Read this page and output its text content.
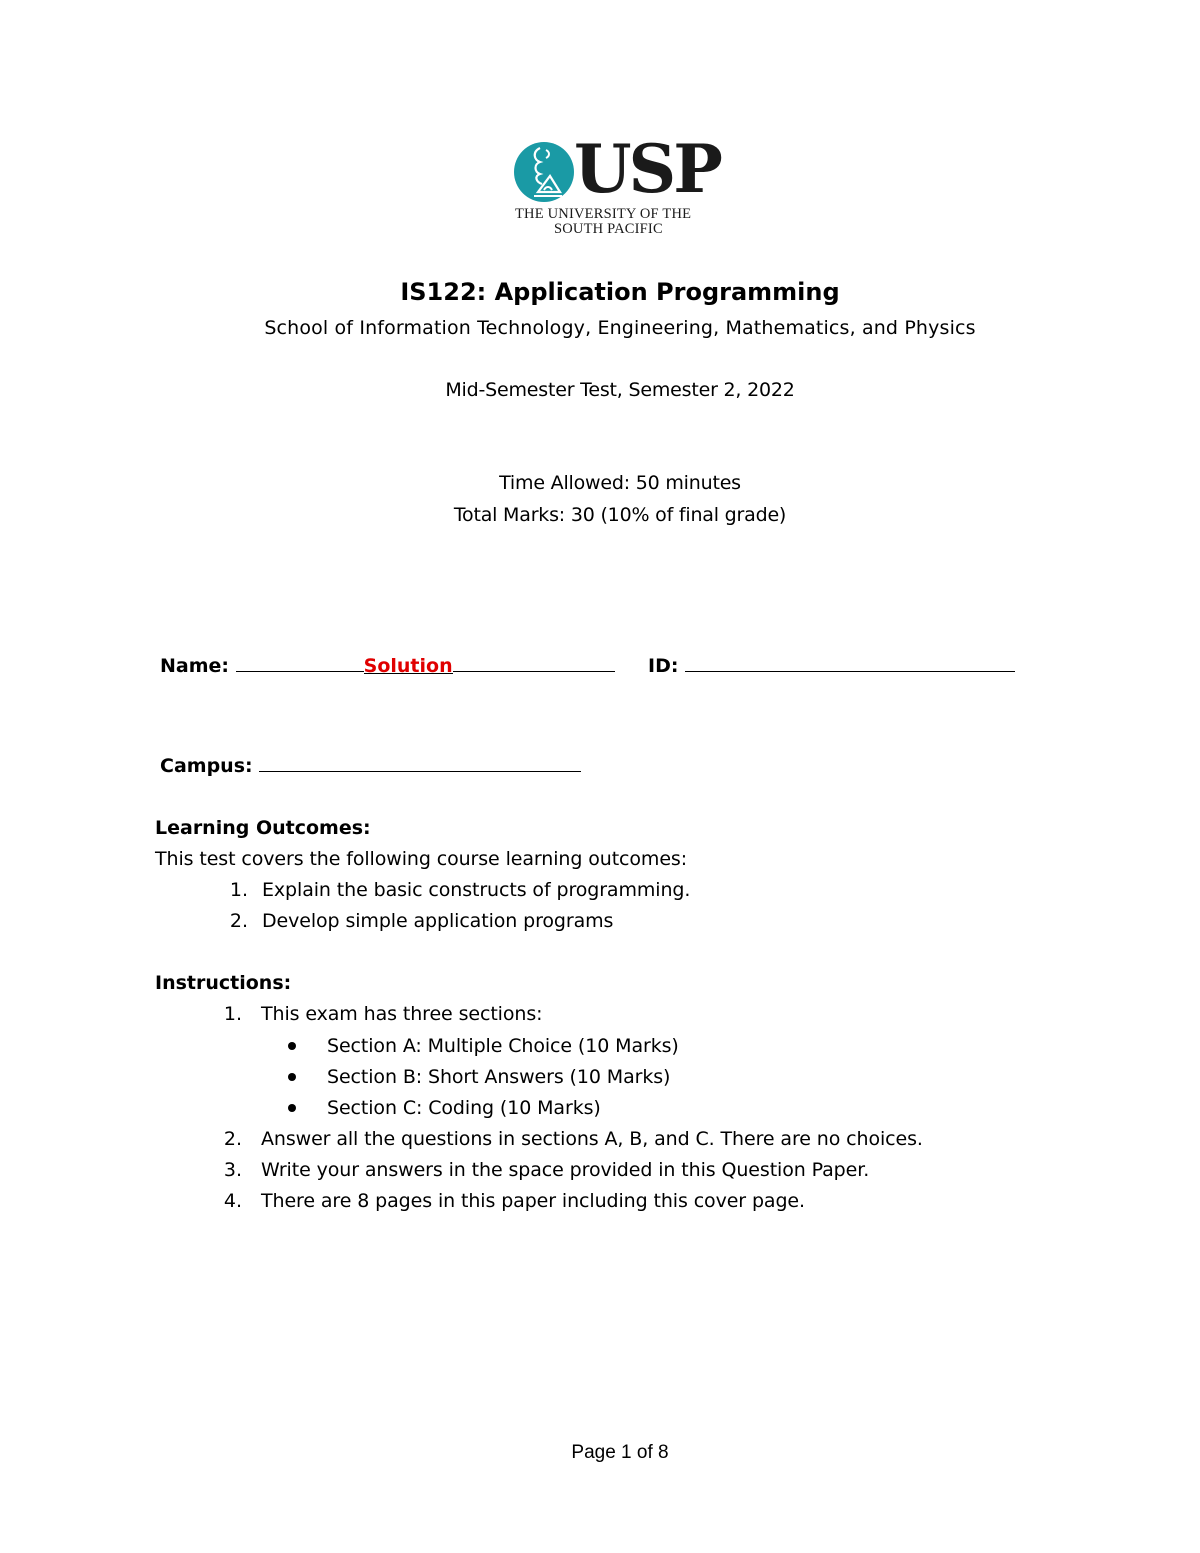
USP
THE UNIVERSITY OF THE
SOUTH PACIFIC
IS122: Application Programming
School of Information Technology, Engineering, Mathematics, and Physics
Mid-Semester Test, Semester 2, 2022
Time Allowed: 50 minutes
Total Marks: 30 (10% of final grade)
Name:	Solution	ID:
Campus:
Learning Outcomes:
This test covers the following course learning outcomes:
1. Explain the basic constructs of programming.
2. Develop simple application programs
Instructions:
1. This exam has three sections:
Section A: Multiple Choice (10 Marks)
Section B: Short Answers (10 Marks)
Section C: Coding (10 Marks)
2. Answer all the questions in sections A, B, and C. There are no choices.
3. Write your answers in the space provided in this Question Paper.
4. There are 8 pages in this paper including this cover page.
Page 1 of 8
